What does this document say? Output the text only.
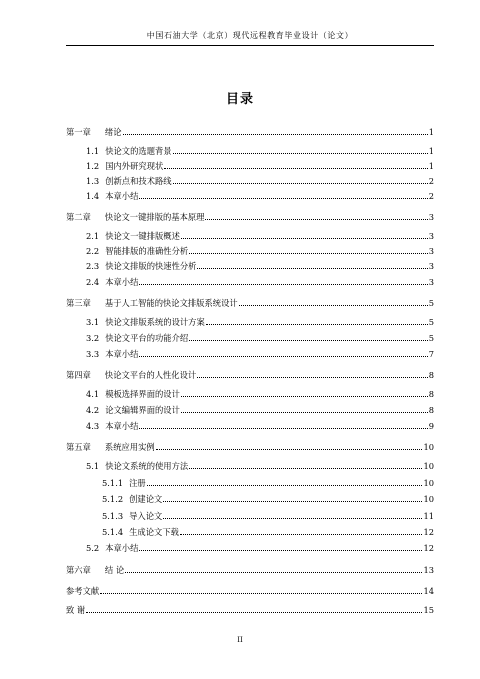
中国石油大学（北京）现代远程教育毕业设计（论文）
目录
第一章 绪论	1
1.1 快论文的选题背景	1
1.2 国内外研究现状	1
1.3 创新点和技术路线	2
1.4 本章小结	2
第二章 快论文一键排版的基本原理	3
2.1 快论文一键排版概述	3
2.2 智能排版的准确性分析	3
2.3 快论文排版的快速性分析	3
2.4 本章小结	3
第三章 基于人工智能的快论文排版系统设计	5
3.1 快论文排版系统的设计方案	5
3.2 快论文平台的功能介绍	5
3.3 本章小结	7
第四章 快论文平台的人性化设计	8
4.1 模板选择界面的设计	8
4.2 论文编辑界面的设计	8
4.3 本章小结	9
第五章 系统应用实例	10
5.1 快论文系统的使用方法	10
5.1.1 注册	10
5.1.2 创建论文	10
5.1.3 导入论文	11
5.1.4 生成论文下载	12
5.2 本章小结	12
第六章 结 论	13
参考文献	14
致 谢	15
II
